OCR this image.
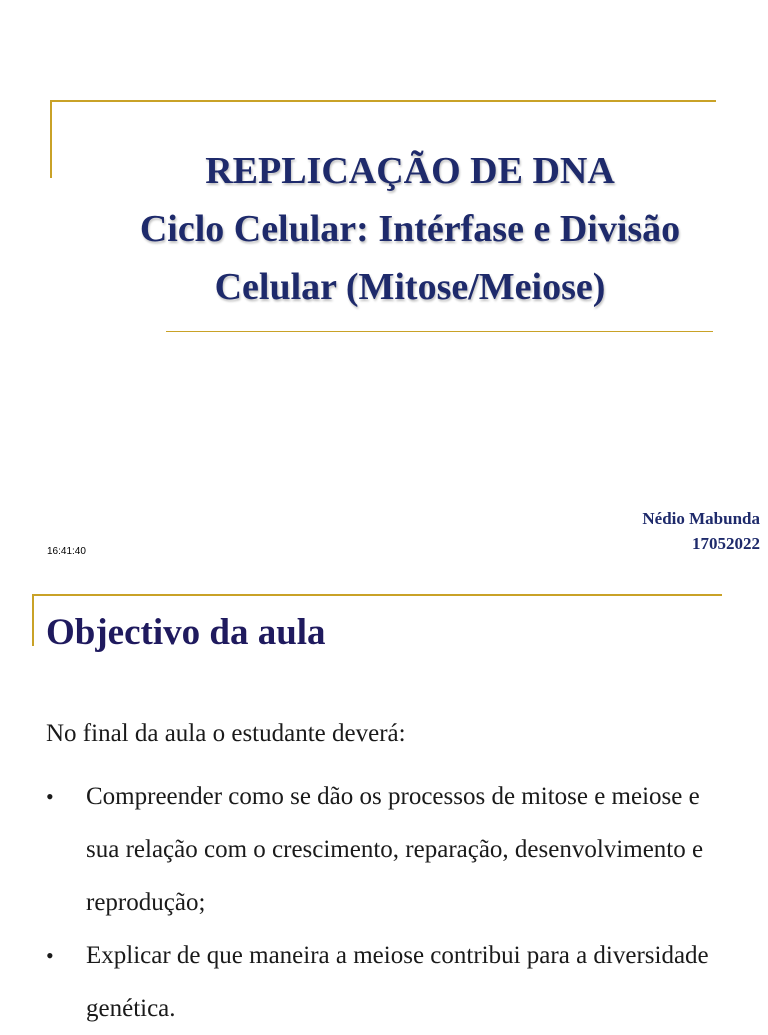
REPLICAÇÃO DE DNA
Ciclo Celular: Intérfase e Divisão
Celular (Mitose/Meiose)
Nédio Mabunda
17052022
16:41:40
Objectivo da aula
No final da aula o estudante deverá:
• Compreender como se dão os processos de mitose e meiose e sua relação com o crescimento, reparação, desenvolvimento e reprodução;
• Explicar de que maneira a meiose contribui para a diversidade genética.
